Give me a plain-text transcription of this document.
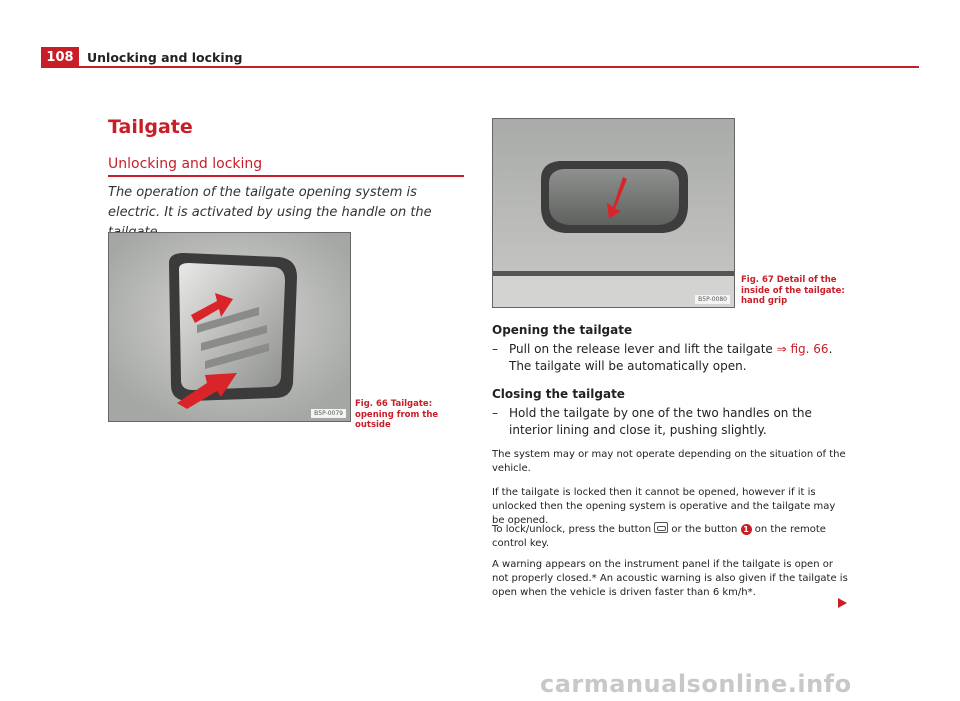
108	Unlocking and locking
Tailgate
Unlocking and locking
The operation of the tailgate opening system is electric. It is activated by using the handle on the
B5P-0079
Fig. 66 Tailgate: opening from the outside
B5P-0080
Fig. 67 Detail of the inside of the tailgate: hand grip
Opening the tailgate
– Pull on the release lever and lift the tailgate ⇒ fig. 66. The tailgate will be automatically open.
Closing the tailgate
– Hold the tailgate by one of the two handles on the interior lining and close it, pushing slightly.
The system may or may not operate depending on the situation of the vehicle.
If the tailgate is locked then it cannot be opened, however if it is unlocked then the opening system is operative and the tailgate may be opened.
To lock/unlock, press the button  or the button 1 on the remote control key.
A warning appears on the instrument panel if the tailgate is open or not properly closed.* An acoustic warning is also given if the tailgate is open when the vehicle is driven faster than 6 km/h*.
carmanualsonline.info
